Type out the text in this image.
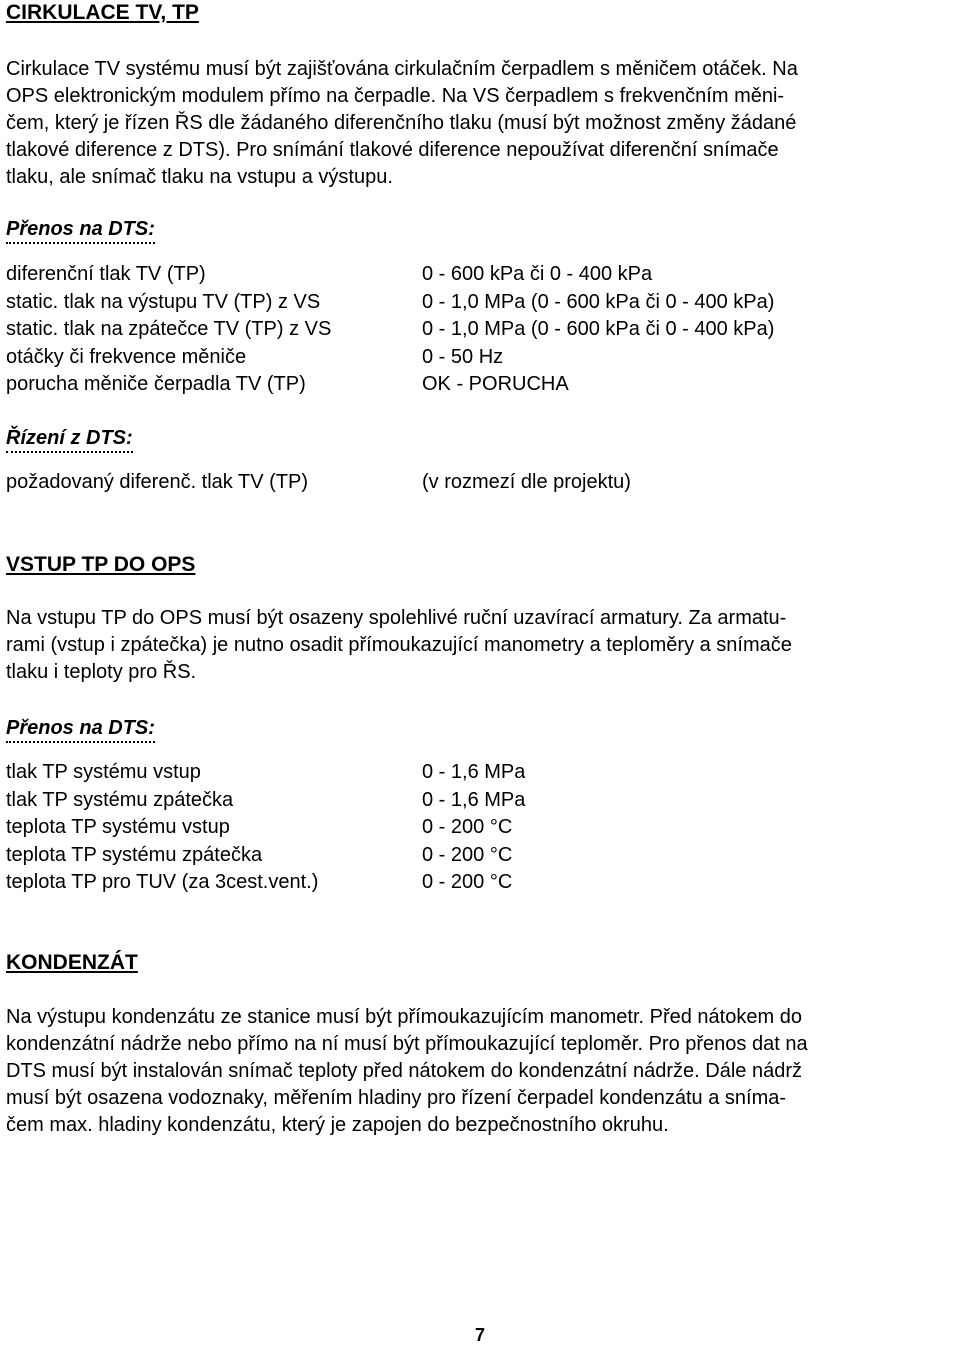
CIRKULACE TV, TP

Cirkulace TV systému musí být zajišťována cirkulačním čerpadlem s měničem otáček. Na
OPS elektronickým modulem přímo na čerpadle. Na VS čerpadlem s frekvenčním měni-
čem, který je řízen ŘS dle žádaného diferenčního tlaku (musí být možnost změny žádané
tlakové diference z DTS). Pro snímání tlakové diference nepoužívat diferenční snímače
tlaku, ale snímač tlaku na vstupu a výstupu.

Přenos na DTS:
diferenční tlak TV (TP)	0 - 600 kPa či 0 - 400 kPa
static. tlak na výstupu TV (TP) z VS	0 - 1,0 MPa (0 - 600 kPa či 0 - 400 kPa)
static. tlak na zpátečce TV (TP) z VS	0 - 1,0 MPa (0 - 600 kPa či 0 - 400 kPa)
otáčky či frekvence měniče	0 - 50 Hz
porucha měniče čerpadla TV (TP)	OK - PORUCHA
Řízení z DTS:
požadovaný diferenč. tlak TV (TP)	(v rozmezí dle projektu)
VSTUP TP DO OPS

Na vstupu TP do OPS musí být osazeny spolehlivé ruční uzavírací armatury. Za armatu-
rami (vstup i zpátečka) je nutno osadit přímoukazující manometry a teploměry a snímače
tlaku i teploty pro ŘS.

Přenos na DTS:
tlak TP systému vstup	0 - 1,6 MPa
tlak TP systému zpátečka	0 - 1,6 MPa
teplota TP systému vstup	0 - 200 °C
teplota TP systému zpátečka	0 - 200 °C
teplota TP pro TUV (za 3cest.vent.)	0 - 200 °C
KONDENZÁT

Na výstupu kondenzátu ze stanice musí být přímoukazujícím manometr. Před nátokem do
kondenzátní nádrže nebo přímo na ní musí být přímoukazující teploměr. Pro přenos dat na
DTS musí být instalován snímač teploty před nátokem do kondenzátní nádrže. Dále nádrž
musí být osazena vodoznaky, měřením hladiny pro řízení čerpadel kondenzátu a sníma-
čem max. hladiny kondenzátu, který je zapojen do bezpečnostního okruhu.

7
